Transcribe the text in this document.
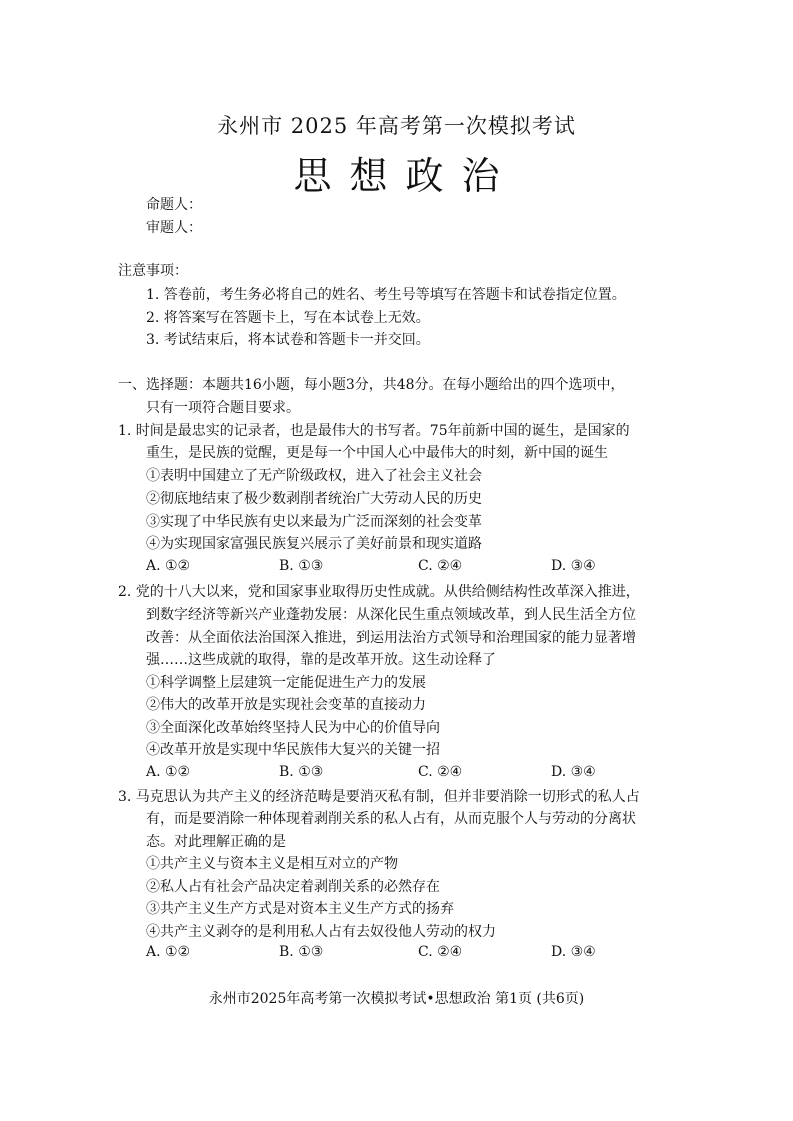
永州市 2025 年高考第一次模拟考试
思想政治
命题人：
审题人：
注意事项：
1. 答卷前，考生务必将自己的姓名、考生号等填写在答题卡和试卷指定位置。
2. 将答案写在答题卡上，写在本试卷上无效。
3. 考试结束后，将本试卷和答题卡一并交回。
一、选择题：本题共16小题，每小题3分，共48分。在每小题给出的四个选项中，
只有一项符合题目要求。
1. 时间是最忠实的记录者，也是最伟大的书写者。75年前新中国的诞生，是国家的
重生，是民族的觉醒，更是每一个中国人心中最伟大的时刻，新中国的诞生
①表明中国建立了无产阶级政权，进入了社会主义社会
②彻底地结束了极少数剥削者统治广大劳动人民的历史
③实现了中华民族有史以来最为广泛而深刻的社会变革
④为实现国家富强民族复兴展示了美好前景和现实道路
A. ①②	B. ①③	C. ②④	D. ③④
2. 党的十八大以来，党和国家事业取得历史性成就。从供给侧结构性改革深入推进，
到数字经济等新兴产业蓬勃发展：从深化民生重点领域改革，到人民生活全方位
改善：从全面依法治国深入推进，到运用法治方式领导和治理国家的能力显著增
强……这些成就的取得，靠的是改革开放。这生动诠释了
①科学调整上层建筑一定能促进生产力的发展
②伟大的改革开放是实现社会变革的直接动力
③全面深化改革始终坚持人民为中心的价值导向
④改革开放是实现中华民族伟大复兴的关键一招
A. ①②	B. ①③	C. ②④	D. ③④
3. 马克思认为共产主义的经济范畴是要消灭私有制，但并非要消除一切形式的私人占
有，而是要消除一种体现着剥削关系的私人占有，从而克服个人与劳动的分离状
态。对此理解正确的是
①共产主义与资本主义是相互对立的产物
②私人占有社会产品决定着剥削关系的必然存在
③共产主义生产方式是对资本主义生产方式的扬弃
④共产主义剥夺的是利用私人占有去奴役他人劳动的权力
A. ①②	B. ①③	C. ②④	D. ③④
永州市2025年高考第一次模拟考试•思想政治 第1页 (共6页)
